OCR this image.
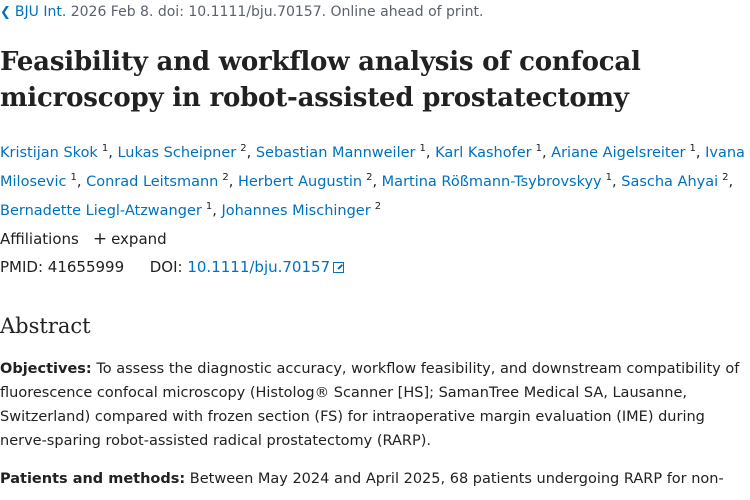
❮ BJU Int. 2026 Feb 8. doi: 10.1111/bju.70157. Online ahead of print.
Feasibility and workflow analysis of confocal
microscopy in robot-assisted prostatectomy
Kristijan Skok $^1$, Lukas Scheipner $^2$, Sebastian Mannweiler $^1$, Karl Kashofer $^1$, Ariane Aigelsreiter $^1$, Ivana Milosevic $^1$, Conrad Leitsmann $^2$, Herbert Augustin $^2$, Martina Rößmann-Tsybrovskyy $^1$, Sascha Ahyai $^2$, Bernadette Liegl-Atzwanger $^1$, Johannes Mischinger $^2$
Affiliations + expand
PMID: 41655999 DOI: 10.1111/bju.70157
Abstract

Objectives: To assess the diagnostic accuracy, workflow feasibility, and downstream compatibility of fluorescence confocal microscopy (Histolog® Scanner [HS]; SamanTree Medical SA, Lausanne, Switzerland) compared with frozen section (FS) for intraoperative margin evaluation (IME) during nerve-sparing robot-assisted radical prostatectomy (RARP).

Patients and methods: Between May 2024 and April 2025, 68 patients undergoing RARP for non-
